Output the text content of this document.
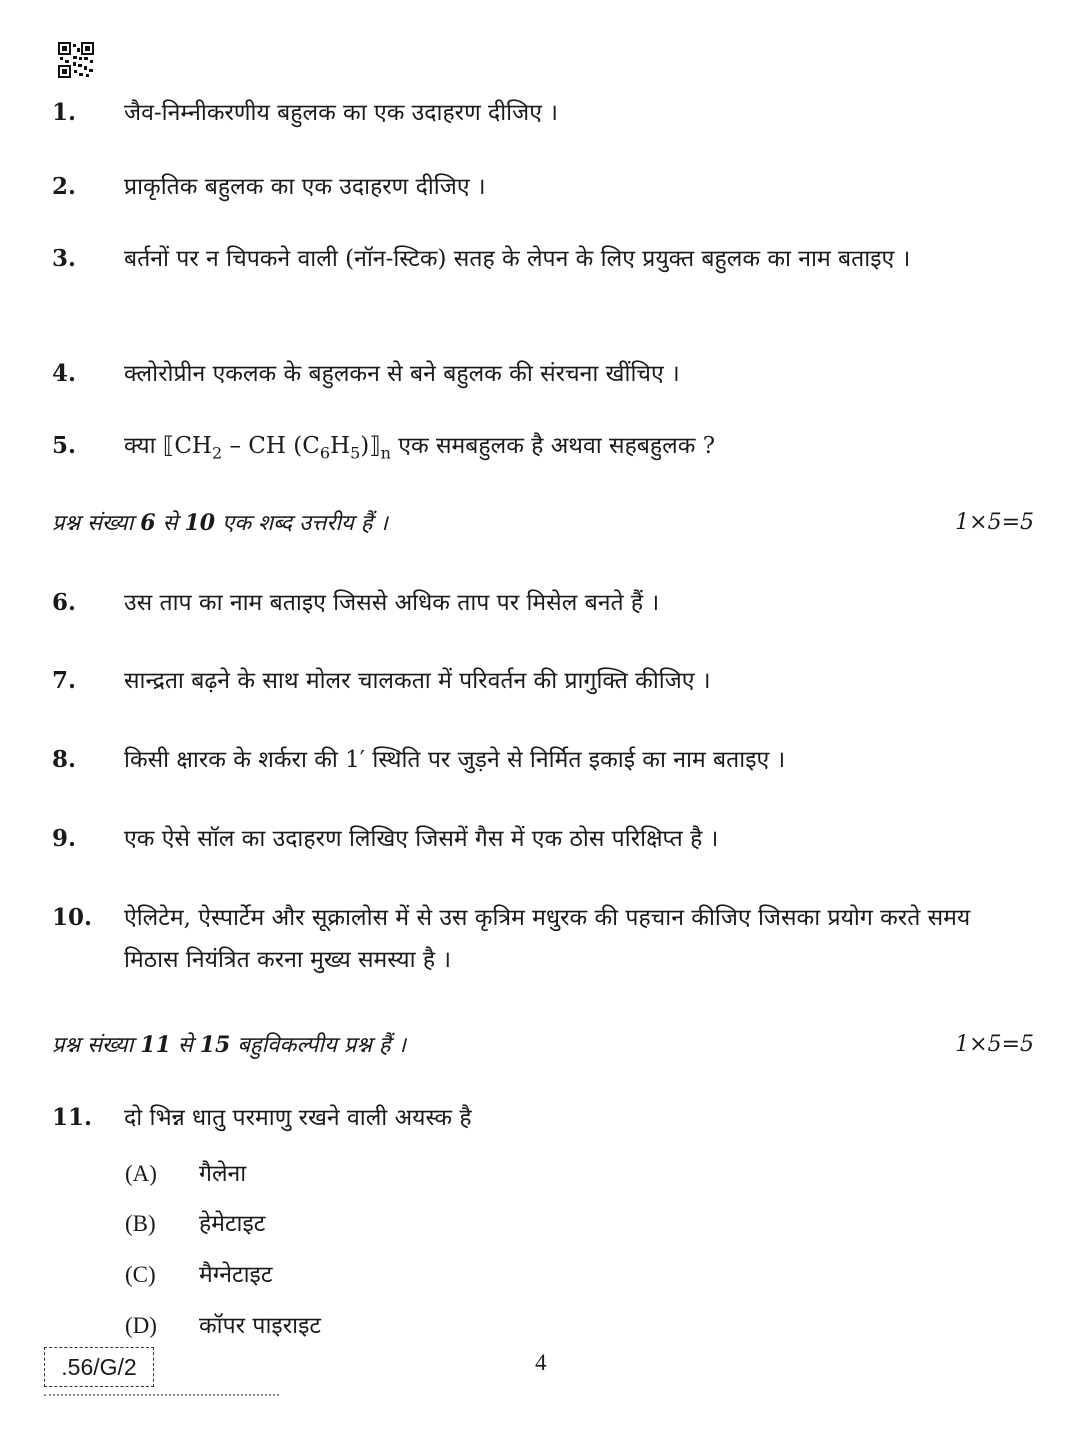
1. जैव-निम्नीकरणीय बहुलक का एक उदाहरण दीजिए ।
2. प्राकृतिक बहुलक का एक उदाहरण दीजिए ।
3. बर्तनों पर न चिपकने वाली (नॉन-स्टिक) सतह के लेपन के लिए प्रयुक्त बहुलक का नाम बताइए ।
4. क्लोरोप्रीन एकलक के बहुलकन से बने बहुलक की संरचना खींचिए ।
5. क्या $⟦CH_2$ – CH $(C_6H_5)⟧_n$ एक समबहुलक है अथवा सहबहुलक ?
प्रश्न संख्या 6 से 10 एक शब्द उत्तरीय हैं ।	1×5=5
6. उस ताप का नाम बताइए जिससे अधिक ताप पर मिसेल बनते हैं ।
7. सान्द्रता बढ़ने के साथ मोलर चालकता में परिवर्तन की प्रागुक्ति कीजिए ।
8. किसी क्षारक के शर्करा की 1′ स्थिति पर जुड़ने से निर्मित इकाई का नाम बताइए ।
9. एक ऐसे सॉल का उदाहरण लिखिए जिसमें गैस में एक ठोस परिक्षिप्त है ।
10. ऐलिटेम, ऐस्पार्टेम और सूक्रालोस में से उस कृत्रिम मधुरक की पहचान कीजिए जिसका प्रयोग करते समय मिठास नियंत्रित करना मुख्य समस्या है ।
प्रश्न संख्या 11 से 15 बहुविकल्पीय प्रश्न हैं ।	1×5=5
11. दो भिन्न धातु परमाणु रखने वाली अयस्क है
(A) गैलेना
(B) हेमेटाइट
(C) मैग्नेटाइट
(D) कॉपर पाइराइट
.56/G/2	4
